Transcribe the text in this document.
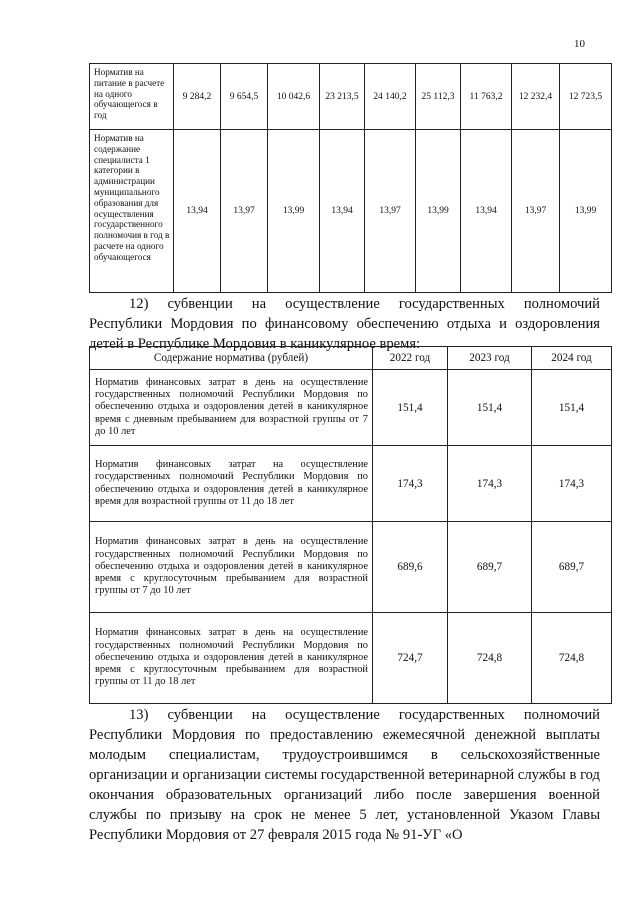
10
Норматив на питание в расчете на одного обучающегося в год	9 284,2	9 654,5	10 042,6	23 213,5	24 140,2	25 112,3	11 763,2	12 232,4	12 723,5
Норматив на содержание специалиста 1 категории в администрации муниципального образования для осуществления государственного полномочия в год в расчете на одного обучающегося	13,94	13,97	13,99	13,94	13,97	13,99	13,94	13,97	13,99

12) субвенции на осуществление государственных полномочий Республики Мордовия по финансовому обеспечению отдыха и оздоровления детей в Республике Мордовия в каникулярное время:

Содержание норматива (рублей)	2022 год	2023 год	2024 год
Норматив финансовых затрат в день на осуществление государственных полномочий Республики Мордовия по обеспечению отдыха и оздоровления детей в каникулярное время с дневным пребыванием для возрастной группы от 7 до 10 лет	151,4	151,4	151,4
Норматив финансовых затрат на осуществление государственных полномочий Республики Мордовия по обеспечению отдыха и оздоровления детей в каникулярное время для возрастной группы от 11 до 18 лет	174,3	174,3	174,3
Норматив финансовых затрат в день на осуществление государственных полномочий Республики Мордовия по обеспечению отдыха и оздоровления детей в каникулярное время с круглосуточным пребыванием для возрастной группы от 7 до 10 лет	689,6	689,7	689,7
Норматив финансовых затрат в день на осуществление государственных полномочий Республики Мордовия по обеспечению отдыха и оздоровления детей в каникулярное время с круглосуточным пребыванием для возрастной группы от 11 до 18 лет	724,7	724,8	724,8

13) субвенции на осуществление государственных полномочий Республики Мордовия по предоставлению ежемесячной денежной выплаты молодым специалистам, трудоустроившимся в сельскохозяйственные организации и организации системы государственной ветеринарной службы в год окончания образовательных организаций либо после завершения военной службы по призыву на срок не менее 5 лет, установленной Указом Главы Республики Мордовия от 27 февраля 2015 года № 91-УГ «О
